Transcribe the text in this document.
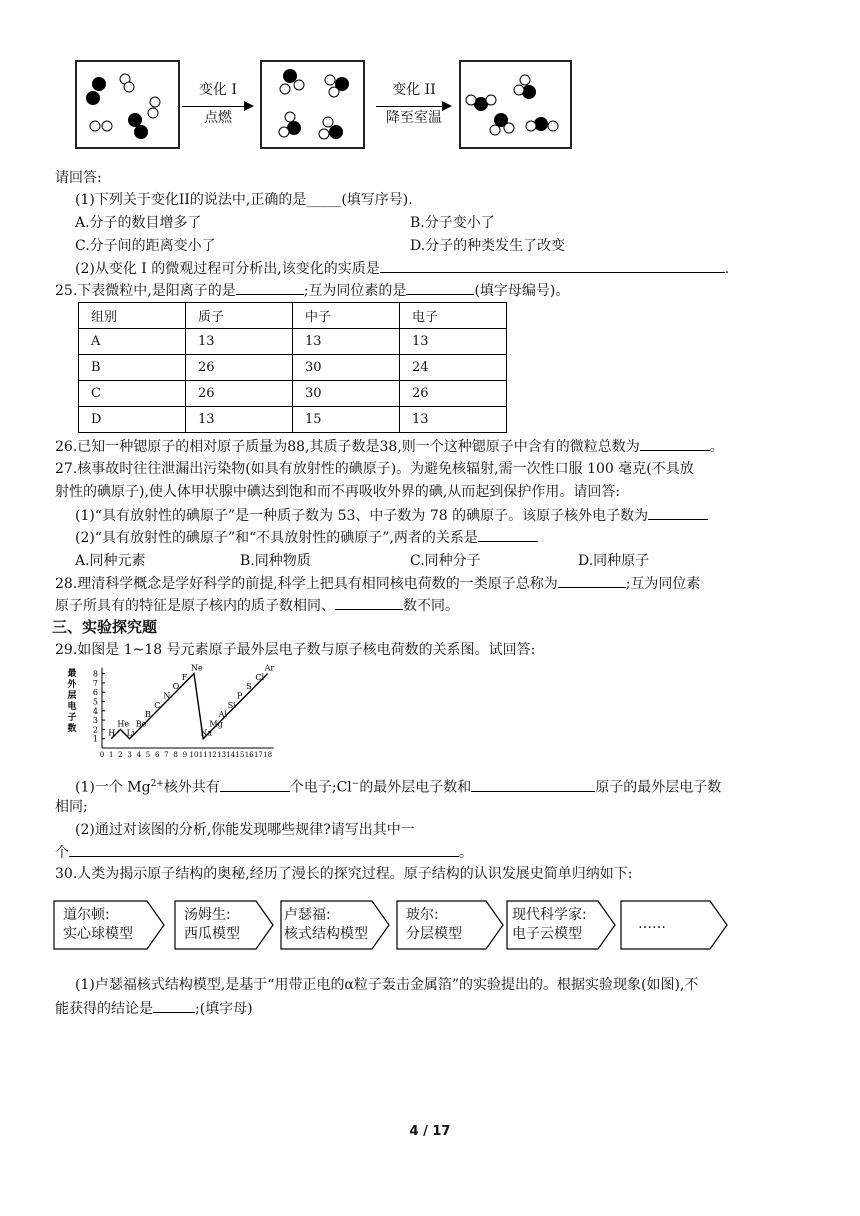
变化 I
点燃
变化 II
降至室温
请回答:
(1)下列关于变化II的说法中,正确的是_____(填写序号).
A.分子的数目增多了	B.分子变小了
C.分子间的距离变小了	D.分子的种类发生了改变
(2)从变化 I 的微观过程可分析出,该变化的实质是	.
25.下表微粒中,是阳离子的是	;互为同位素的是	(填字母编号)。
组别	质子	中子	电子
A	13	13	13
B	26	30	24
C	26	30	26
D	13	15	13
26.已知一种锶原子的相对原子质量为88,其质子数是38,则一个这种锶原子中含有的微粒总数为	。
27.核事故时往往泄漏出污染物(如具有放射性的碘原子)。为避免核辐射,需一次性口服 100 毫克(不具放
射性的碘原子),使人体甲状腺中碘达到饱和而不再吸收外界的碘,从而起到保护作用。请回答:
(1)“具有放射性的碘原子”是一种质子数为 53、中子数为 78 的碘原子。该原子核外电子数为
(2)“具有放射性的碘原子”和“不具放射性的碘原子”,两者的关系是
A.同种元素	B.同种物质	C.同种分子	D.同种原子
28.理清科学概念是学好科学的前提,科学上把具有相同核电荷数的一类原子总称为	;互为同位素
原子所具有的特征是原子核内的质子数相同、	数不同。
三、实验探究题
29.如图是 1~18 号元素原子最外层电子数与原子核电荷数的关系图。试回答:
最
外
层
电
子
数
1
2
3
4
5
6
7
8
0 1 2 3 4 5 6 7 8 9 10 11 12 13 14 15 16 17 18
H
He
Li
Be
B
C
N
O
F
Ne
Na
Mg
Al
Si
P
S
Cl
Ar
(1)一个 $Mg^{2+}$核外共有	个电子;Cl−的最外层电子数和	原子的最外层电子数
相同;
(2)通过对该图的分析,你能发现哪些规律?请写出其中一
个	。
30.人类为揭示原子结构的奥秘,经历了漫长的探究过程。原子结构的认识发展史简单归纳如下:
道尔顿:
实心球模型
汤姆生:
西瓜模型
卢瑟福:
核式结构模型
玻尔:
分层模型
现代科学家:
电子云模型
……
(1)卢瑟福核式结构模型,是基于“用带正电的α粒子轰击金属箔”的实验提出的。根据实验现象(如图),不
能获得的结论是	;(填字母)
4 / 17
